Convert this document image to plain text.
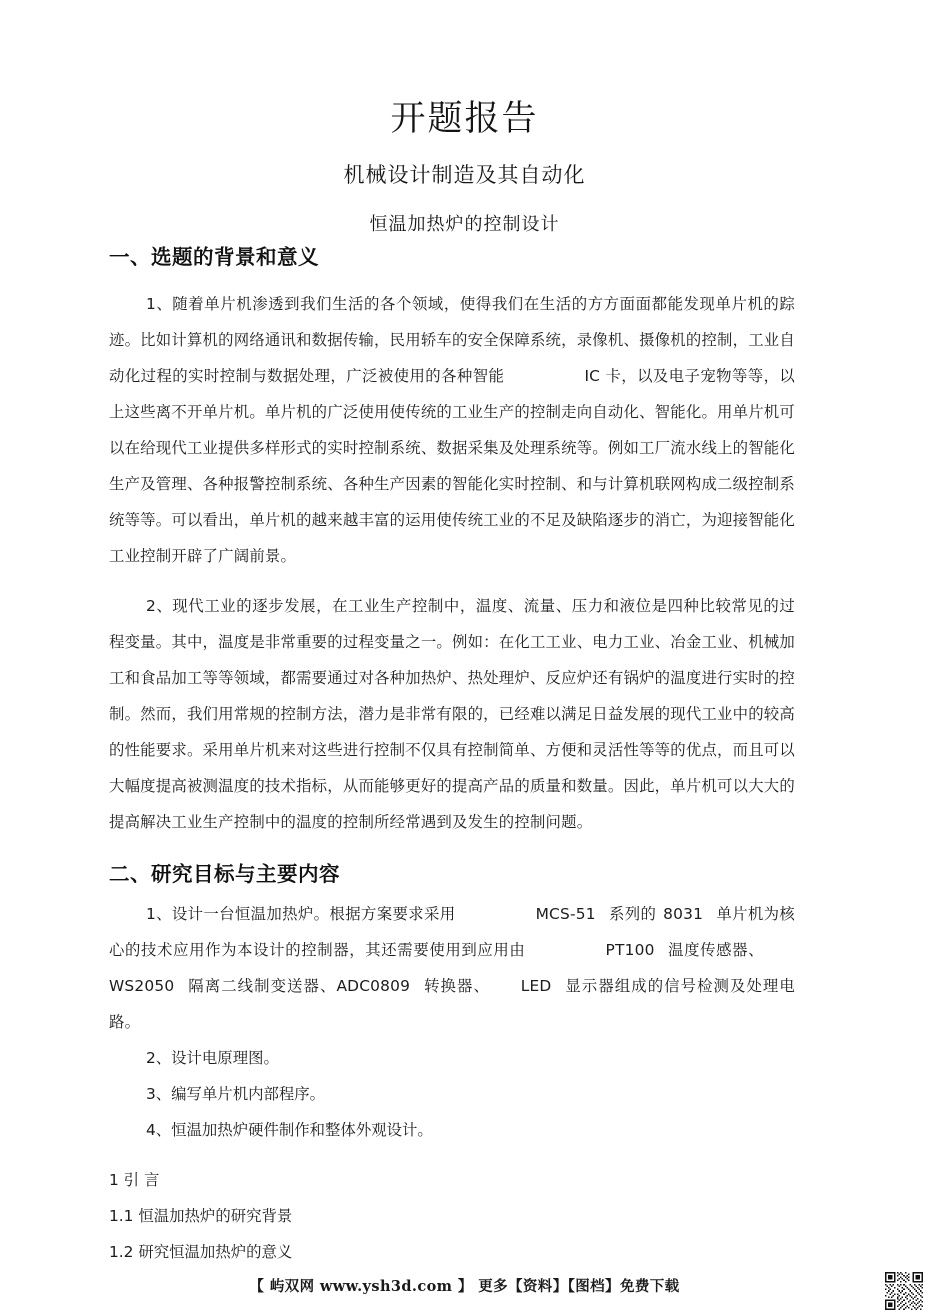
开题报告
机械设计制造及其自动化
恒温加热炉的控制设计
一、选题的背景和意义

1、随着单片机渗透到我们生活的各个领域，使得我们在生活的方方面面都能发现单片机的踪迹。比如计算机的网络通讯和数据传输，民用轿车的安全保障系统，录像机、摄像机的控制，工业自动化过程的实时控制与数据处理，广泛被使用的各种智能	IC 卡，以及电子宠物等等，以上这些离不开单片机。单片机的广泛使用使传统的工业生产的控制走向自动化、智能化。用单片机可以在给现代工业提供多样形式的实时控制系统、数据采集及处理系统等。例如工厂流水线上的智能化生产及管理、各种报警控制系统、各种生产因素的智能化实时控制、和与计算机联网构成二级控制系统等等。可以看出，单片机的越来越丰富的运用使传统工业的不足及缺陷逐步的消亡，为迎接智能化工业控制开辟了广阔前景。

2、现代工业的逐步发展，在工业生产控制中，温度、流量、压力和液位是四种比较常见的过程变量。其中，温度是非常重要的过程变量之一。例如：在化工工业、电力工业、冶金工业、机械加工和食品加工等等领域，都需要通过对各种加热炉、热处理炉、反应炉还有锅炉的温度进行实时的控制。然而，我们用常规的控制方法，潜力是非常有限的，已经难以满足日益发展的现代工业中的较高的性能要求。采用单片机来对这些进行控制不仅具有控制简单、方便和灵活性等等的优点，而且可以大幅度提高被测温度的技术指标，从而能够更好的提高产品的质量和数量。因此，单片机可以大大的提高解决工业生产控制中的温度的控制所经常遇到及发生的控制问题。

二、研究目标与主要内容

1、设计一台恒温加热炉。根据方案要求采用	MCS-51 系列的 8031 单片机为核心的技术应用作为本设计的控制器，其还需要使用到应用由	PT100 温度传感器、WS2050 隔离二线制变送器、ADC0809 转换器、 LED 显示器组成的信号检测及处理电路。

2、设计电原理图。

3、编写单片机内部程序。

4、恒温加热炉硬件制作和整体外观设计。

1 引 言

1.1 恒温加热炉的研究背景

1.2 研究恒温加热炉的意义

【 屿双网 www.ysh3d.com 】 更多【资料】【图档】免费下载
